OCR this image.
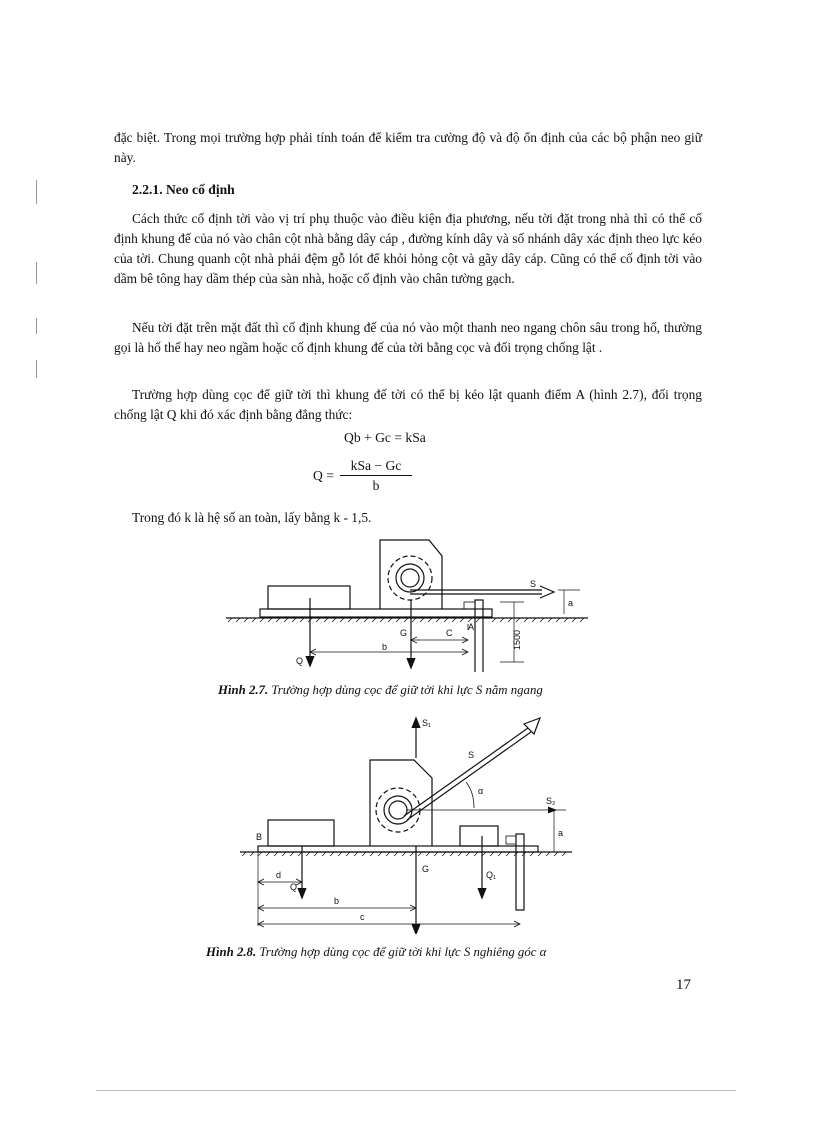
đặc biệt. Trong mọi trường hợp phải tính toán để kiểm tra cường độ và độ ổn định của các bộ phận neo giữ này.

2.2.1. Neo cố định

Cách thức cố định tời vào vị trí phụ thuộc vào điều kiện địa phương, nếu tời đặt trong nhà thì có thể cố định khung đế của nó vào chân cột nhà bằng dây cáp , đường kính dây và số nhánh dây xác định theo lực kéo của tời. Chung quanh cột nhà phải đệm gỗ lót để khỏi hỏng cột và gãy dây cáp. Cũng có thể cố định tời vào dầm bê tông hay dầm thép của sàn nhà, hoặc cố định vào chân tường gạch.

Nếu tời đặt trên mặt đất thì cố định khung đế của nó vào một thanh neo ngang chôn sâu trong hố, thường gọi là hố thế hay neo ngầm hoặc cố định khung đế của tời bằng cọc và đối trọng chống lật .

Trường hợp dùng cọc để giữ tời thì khung đế tời có thể bị kéo lật quanh điểm A (hình 2.7), đối trọng chống lật Q khi đó xác định bằng đẳng thức:

Qb + Gc = kSa
Q =
kSa − Gc
b

Trong đó k là hệ số an toàn, lấy bằng k - 1,5.

S
a
G	C
A
b
Q
1500

Hình 2.7. Trường hợp dùng cọc để giữ tời khi lực S nằm ngang

S₁
S
α
S₂
a
B
d
Q
G
Q₁
b
c

Hình 2.8. Trường hợp dùng cọc để giữ tời khi lực S nghiêng góc α

17
